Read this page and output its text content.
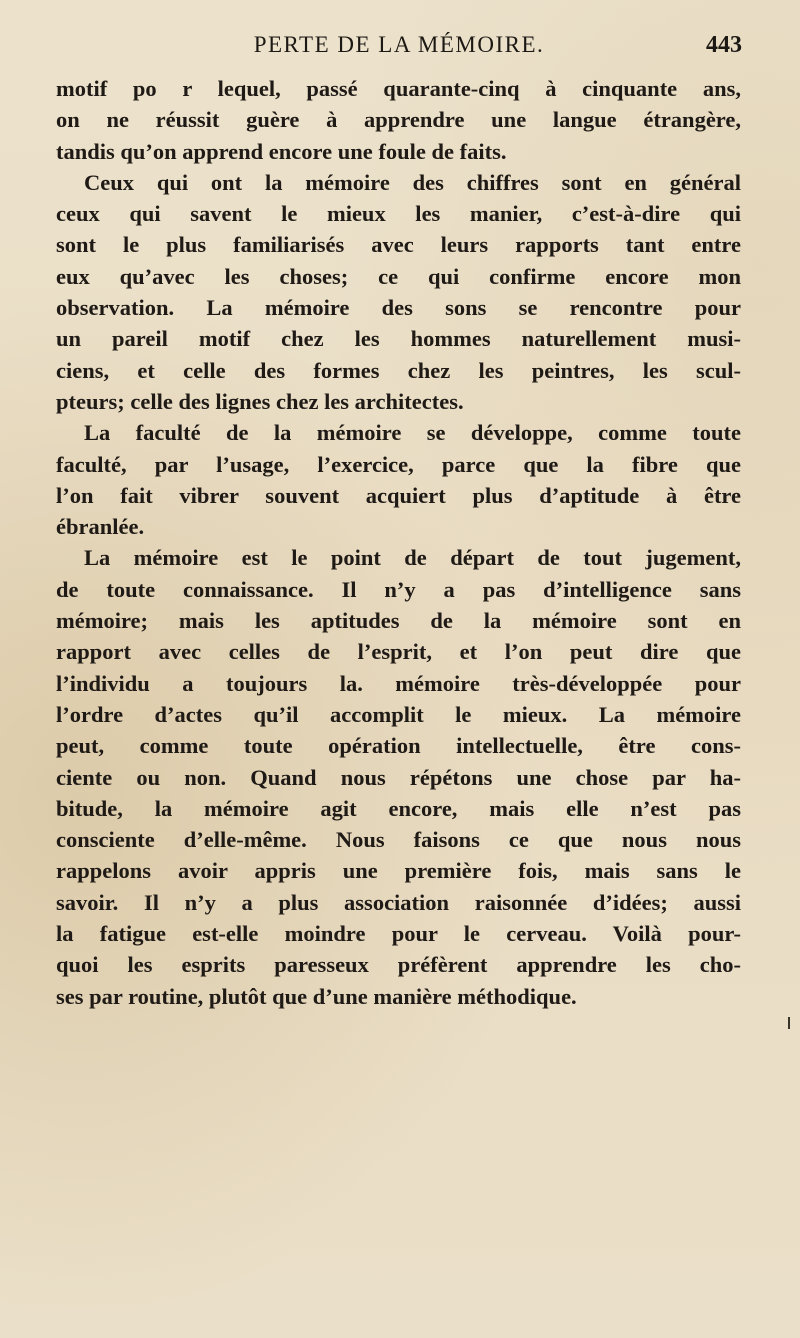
PERTE DE LA MÉMOIRE.	443
motif po r lequel, passé quarante-cinq à cinquante ans,
on ne réussit guère à apprendre une langue étrangère,
tandis qu’on apprend encore une foule de faits.
Ceux qui ont la mémoire des chiffres sont en général
ceux qui savent le mieux les manier, c’est-à-dire qui
sont le plus familiarisés avec leurs rapports tant entre
eux qu’avec les choses; ce qui confirme encore mon
observation. La mémoire des sons se rencontre pour
un pareil motif chez les hommes naturellement musi-
ciens, et celle des formes chez les peintres, les scul-
pteurs; celle des lignes chez les architectes.
La faculté de la mémoire se développe, comme toute
faculté, par l’usage, l’exercice, parce que la fibre que
l’on fait vibrer souvent acquiert plus d’aptitude à être
ébranlée.
La mémoire est le point de départ de tout jugement,
de toute connaissance. Il n’y a pas d’intelligence sans
mémoire; mais les aptitudes de la mémoire sont en
rapport avec celles de l’esprit, et l’on peut dire que
l’individu a toujours la. mémoire très-développée pour
l’ordre d’actes qu’il accomplit le mieux. La mémoire
peut, comme toute opération intellectuelle, être cons-
ciente ou non. Quand nous répétons une chose par ha-
bitude, la mémoire agit encore, mais elle n’est pas
consciente d’elle-même. Nous faisons ce que nous nous
rappelons avoir appris une première fois, mais sans le
savoir. Il n’y a plus association raisonnée d’idées; aussi
la fatigue est-elle moindre pour le cerveau. Voilà pour-
quoi les esprits paresseux préfèrent apprendre les cho-
ses par routine, plutôt que d’une manière méthodique.
